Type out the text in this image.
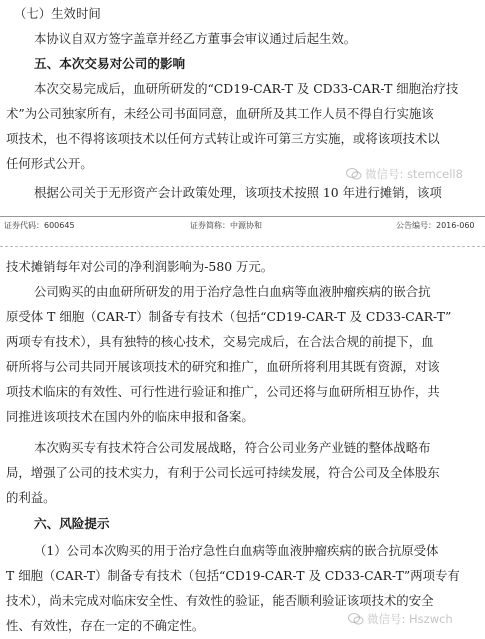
（七）生效时间
本协议自双方签字盖章并经乙方董事会审议通过后起生效。
五、本次交易对公司的影响
本次交易完成后，血研所研发的“CD19-CAR-T 及 CD33-CAR-T 细胞治疗技
术”为公司独家所有，未经公司书面同意，血研所及其工作人员不得自行实施该
项技术，也不得将该项技术以任何方式转让或许可第三方实施，或将该项技术以
任何形式公开。
根据公司关于无形资产会计政策处理，该项技术按照 10 年进行摊销，该项
微信号: stemcell8
证券代码：600645	证券简称：中源协和	公告编号：2016-060
技术摊销每年对公司的净利润影响为-580 万元。
公司购买的由血研所研发的用于治疗急性白血病等血液肿瘤疾病的嵌合抗
原受体 T 细胞（CAR-T）制备专有技术（包括“CD19-CAR-T 及 CD33-CAR-T”
两项专有技术），具有独特的核心技术，交易完成后，在合法合规的前提下，血
研所将与公司共同开展该项技术的研究和推广，血研所将利用其既有资源，对该
项技术临床的有效性、可行性进行验证和推广，公司还将与血研所相互协作，共
同推进该项技术在国内外的临床申报和备案。
本次购买专有技术符合公司发展战略，符合公司业务产业链的整体战略布
局，增强了公司的技术实力，有利于公司长远可持续发展，符合公司及全体股东
的利益。
六、风险提示
（1）公司本次购买的用于治疗急性白血病等血液肿瘤疾病的嵌合抗原受体
T 细胞（CAR-T）制备专有技术（包括“CD19-CAR-T 及 CD33-CAR-T”两项专有
技术），尚未完成对临床安全性、有效性的验证，能否顺利验证该项技术的安全
性、有效性，存在一定的不确定性。	微信号: Hszwch
